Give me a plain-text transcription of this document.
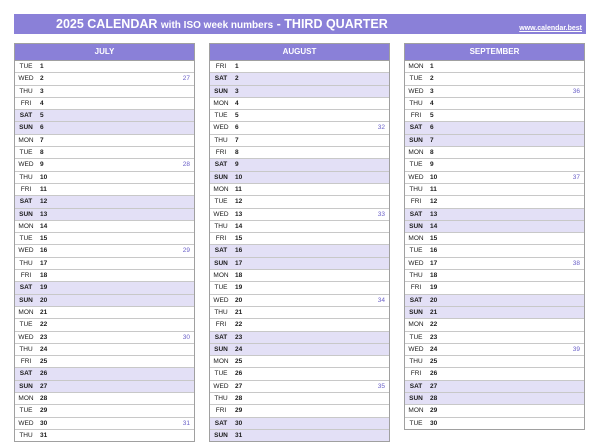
2025 CALENDAR with ISO week numbers - THIRD QUARTER	www.calendar.best
JULY
TUE	1
WED 2	27
THU	3
FRI	4
SAT	5
SUN	6
MON 7
TUE	8
WED 9	28
THU	10
FRI	11
SAT	12
SUN	13
MON 14
TUE	15
WED 16	29
THU	17
FRI	18
SAT	19
SUN	20
MON 21
TUE	22
WED 23	30
THU	24
FRI	25
SAT	26
SUN	27
MON 28
TUE	29
WED 30	31
THU	31
AUGUST
FRI	1
SAT	2
SUN	3
MON 4
TUE	5
WED 6	32
THU	7
FRI	8
SAT	9
SUN	10
MON 11
TUE	12
WED 13	33
THU	14
FRI	15
SAT	16
SUN	17
MON 18
TUE	19
WED 20	34
THU	21
FRI	22
SAT	23
SUN	24
MON 25
TUE	26
WED 27	35
THU	28
FRI	29
SAT	30
SUN	31
SEPTEMBER
MON 1
TUE	2
WED 3	36
THU	4
FRI	5
SAT	6
SUN	7
MON 8
TUE	9
WED 10	37
THU	11
FRI	12
SAT	13
SUN	14
MON 15
TUE	16
WED 17	38
THU	18
FRI	19
SAT	20
SUN	21
MON 22
TUE	23
WED 24	39
THU	25
FRI	26
SAT	27
SUN	28
MON 29
TUE	30
